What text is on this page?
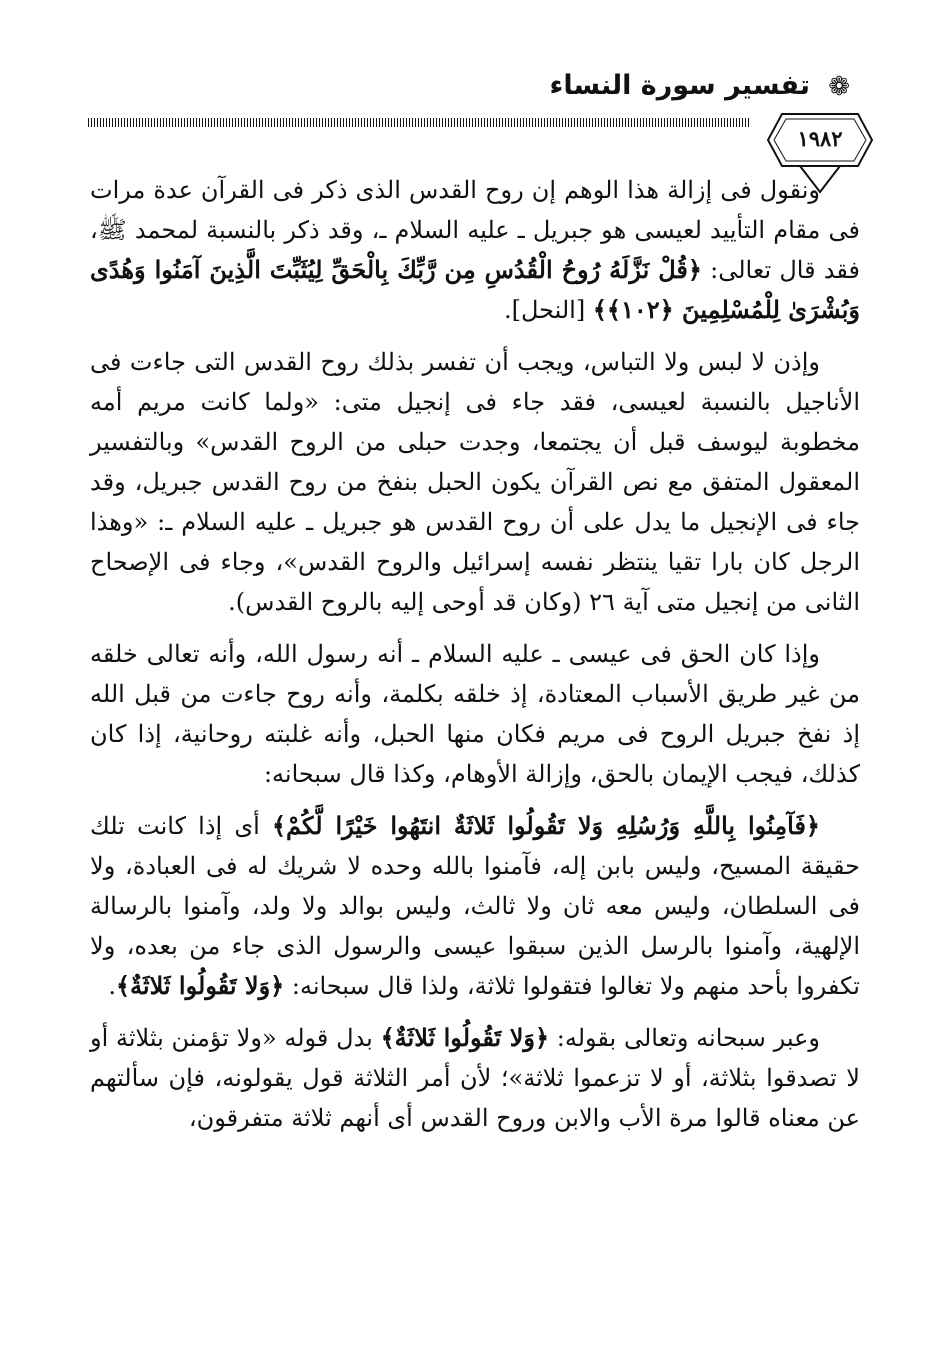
❁
تفسير سورة النساء
١٩٨٢

ونقول فى إزالة هذا الوهم إن روح القدس الذى ذكر فى القرآن عدة مرات فى مقام التأييد لعيسى هو جبريل ـ عليه السلام ـ، وقد ذكر بالنسبة لمحمد ﷺ، فقد قال تعالى: ﴿قُلْ نَزَّلَهُ رُوحُ الْقُدُسِ مِن رَّبِّكَ بِالْحَقِّ لِيُثَبِّتَ الَّذِينَ آمَنُوا وَهُدًى وَبُشْرَىٰ لِلْمُسْلِمِينَ ﴿١٠٢﴾﴾ [النحل].

وإذن لا لبس ولا التباس، ويجب أن تفسر بذلك روح القدس التى جاءت فى الأناجيل بالنسبة لعيسى، فقد جاء فى إنجيل متى: «ولما كانت مريم أمه مخطوبة ليوسف قبل أن يجتمعا، وجدت حبلى من الروح القدس» وبالتفسير المعقول المتفق مع نص القرآن يكون الحبل بنفخ من روح القدس جبريل، وقد جاء فى الإنجيل ما يدل على أن روح القدس هو جبريل ـ عليه السلام ـ: «وهذا الرجل كان بارا تقيا ينتظر نفسه إسرائيل والروح القدس»، وجاء فى الإصحاح الثانى من إنجيل متى آية ٢٦ (وكان قد أوحى إليه بالروح القدس).

وإذا كان الحق فى عيسى ـ عليه السلام ـ أنه رسول الله، وأنه تعالى خلقه من غير طريق الأسباب المعتادة، إذ خلقه بكلمة، وأنه روح جاءت من قبل الله إذ نفخ جبريل الروح فى مريم فكان منها الحبل، وأنه غلبته روحانية، إذا كان كذلك، فيجب الإيمان بالحق، وإزالة الأوهام، وكذا قال سبحانه:

﴿فَآمِنُوا بِاللَّهِ وَرُسُلِهِ وَلا تَقُولُوا ثَلاثَةٌ انتَهُوا خَيْرًا لَّكُمْ﴾ أى إذا كانت تلك حقيقة المسيح، وليس بابن إله، فآمنوا بالله وحده لا شريك له فى العبادة، ولا فى السلطان، وليس معه ثان ولا ثالث، وليس بوالد ولا ولد، وآمنوا بالرسالة الإلهية، وآمنوا بالرسل الذين سبقوا عيسى والرسول الذى جاء من بعده، ولا تكفروا بأحد منهم ولا تغالوا فتقولوا ثلاثة، ولذا قال سبحانه: ﴿وَلا تَقُولُوا ثَلاثَةٌ﴾.

وعبر سبحانه وتعالى بقوله: ﴿وَلا تَقُولُوا ثَلاثَةٌ﴾ بدل قوله «ولا تؤمنن بثلاثة أو لا تصدقوا بثلاثة، أو لا تزعموا ثلاثة»؛ لأن أمر الثلاثة قول يقولونه، فإن سألتهم عن معناه قالوا مرة الأب والابن وروح القدس أى أنهم ثلاثة متفرقون،
